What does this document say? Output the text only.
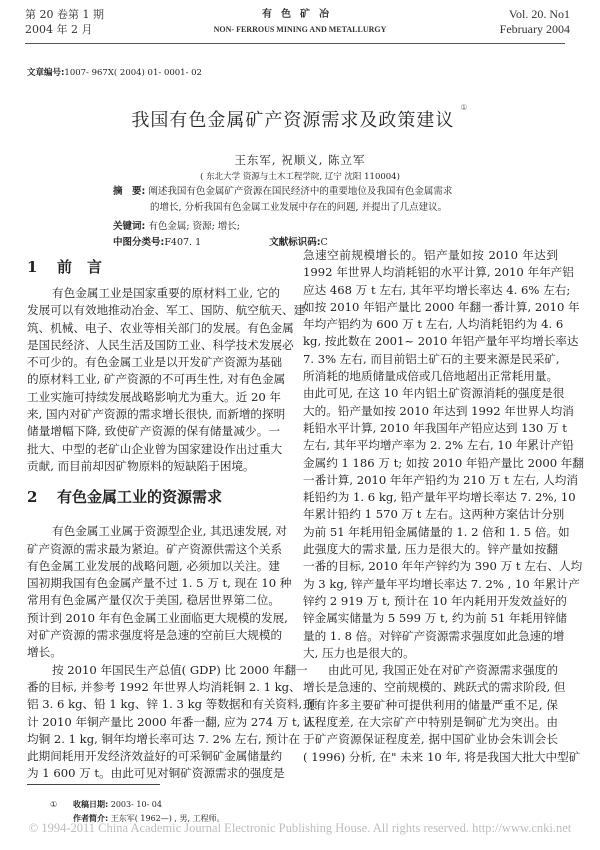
第 20 卷第 1 期
2004 年 2 月
有色矿冶
NON- FERROUS MINING AND METALLURGY
Vol. 20. No1
February 2004
文章编号:1007- 967X( 2004) 01- 0001- 02
我国有色金属矿产资源需求及政策建议①
王东军, 祝顺义, 陈立军
( 东北大学 资源与土木工程学院, 辽宁 沈阳 110004)
摘　要: 阐述我国有色金属矿产资源在国民经济中的重要地位及我国有色金属需求
的增长, 分析我国有色金属工业发展中存在的问题, 并提出了几点建议。
关键词: 有色金属; 资源; 增长;
中图分类号:F407. 1	文献标识码:C
1 前　言
2 有色金属工业的资源需求
有色金属工业是国家重要的原材料工业, 它的
发展可以有效地推动冶金、军工、国防、航空航天、建
筑、机械、电子、农业等相关部门的发展。有色金属
是国民经济、人民生活及国防工业、科学技术发展必
不可少的。有色金属工业是以开发矿产资源为基础
的原材料工业, 矿产资源的不可再生性, 对有色金属
工业实施可持续发展战略影响尤为重大。近 20 年
来, 国内对矿产资源的需求增长很快, 而新增的探明
储量增幅下降, 致使矿产资源的保有储量减少。一
批大、中型的老矿山企业曾为国家建设作出过重大
贡献, 而目前却因矿物原料的短缺陷于困境。
有色金属工业属于资源型企业, 其迅速发展, 对
矿产资源的需求最为紧迫。矿产资源供需这个关系
有色金属工业发展的战略问题, 必须加以关注。建
国初期我国有色金属产量不过 1. 5 万 t, 现在 10 种
常用有色金属产量仅次于美国, 稳居世界第二位。
预计到 2010 年有色金属工业面临更大规模的发展,
对矿产资源的需求强度将是急速的空前巨大规模的
增长。
按 2010 年国民生产总值( GDP) 比 2000 年翻一
番的目标, 并参考 1992 年世界人均消耗铜 2. 1 kg、
铝 3. 6 kg、铅 1 kg、锌 1. 3 kg 等数据和有关资料, 预
计 2010 年铜产量比 2000 年番一翻, 应为 274 万 t, 人
均铜 2. 1 kg, 铜年均增长率可达 7. 2% 左右, 预计在
此期间耗用开发经济效益好的可采铜矿金属储量约
为 1 600 万 t。由此可见对铜矿资源需求的强度是
急速空前规模增长的。铝产量如按 2010 年达到
1992 年世界人均消耗铝的水平计算, 2010 年年产铝
应达 468 万 t 左右, 其年平均增长率达 4. 6% 左右;
如按 2010 年铝产量比 2000 年翻一番计算, 2010 年
年均产铝约为 600 万 t 左右, 人均消耗铝约为 4. 6
kg, 按此数在 2001~ 2010 年铝产量年平均增长率达
7. 3% 左右, 而目前铝土矿石的主要来源是民采矿,
所消耗的地质储量成倍或几倍地超出正常耗用量。
由此可见, 在这 10 年内铝土矿资源消耗的强度是很
大的。铅产量如按 2010 年达到 1992 年世界人均消
耗铅水平计算, 2010 年我国年产铅应达到 130 万 t
左右, 其年平均增产率为 2. 2% 左右, 10 年累计产铅
金属约 1 186 万 t; 如按 2010 年铅产量比 2000 年翻
一番计算, 2010 年年产铅约为 210 万 t 左右, 人均消
耗铅约为 1. 6 kg, 铅产量年平均增长率达 7. 2%, 10
年累计铅约 1 570 万 t 左右。这两种方案估计分别
为前 51 年耗用铅金属储量的 1. 2 倍和 1. 5 倍。如
此强度大的需求量, 压力是很大的。锌产量如按翻
一番的目标, 2010 年年产锌约为 390 万 t 左右、人均
为 3 kg, 锌产量年平均增长率达 7. 2% , 10 年累计产
锌约 2 919 万 t, 预计在 10 年内耗用开发效益好的
锌金属实储量为 5 599 万 t, 约为前 51 年耗用锌储
量的 1. 8 倍。对锌矿产资源需求强度如此急速的增
大, 压力也是很大的。
由此可见, 我国正处在对矿产资源需求强度的
增长是急速的、空前规模的、跳跃式的需求阶段, 但
现有许多主要矿种可提供利用的储量严重不足, 保
证程度差, 在大宗矿产中特别是铜矿尤为突出。由
于矿产资源保证程度差, 据中国矿业协会朱训会长
( 1996) 分析, 在" 未来 10 年, 将是我国大批大中型矿
① 收稿日期: 2003- 10- 04
作者简介: 王东军( 1962—) , 男, 工程师。
© 1994-2011 China Academic Journal Electronic Publishing House. All rights reserved. http://www.cnki.net
